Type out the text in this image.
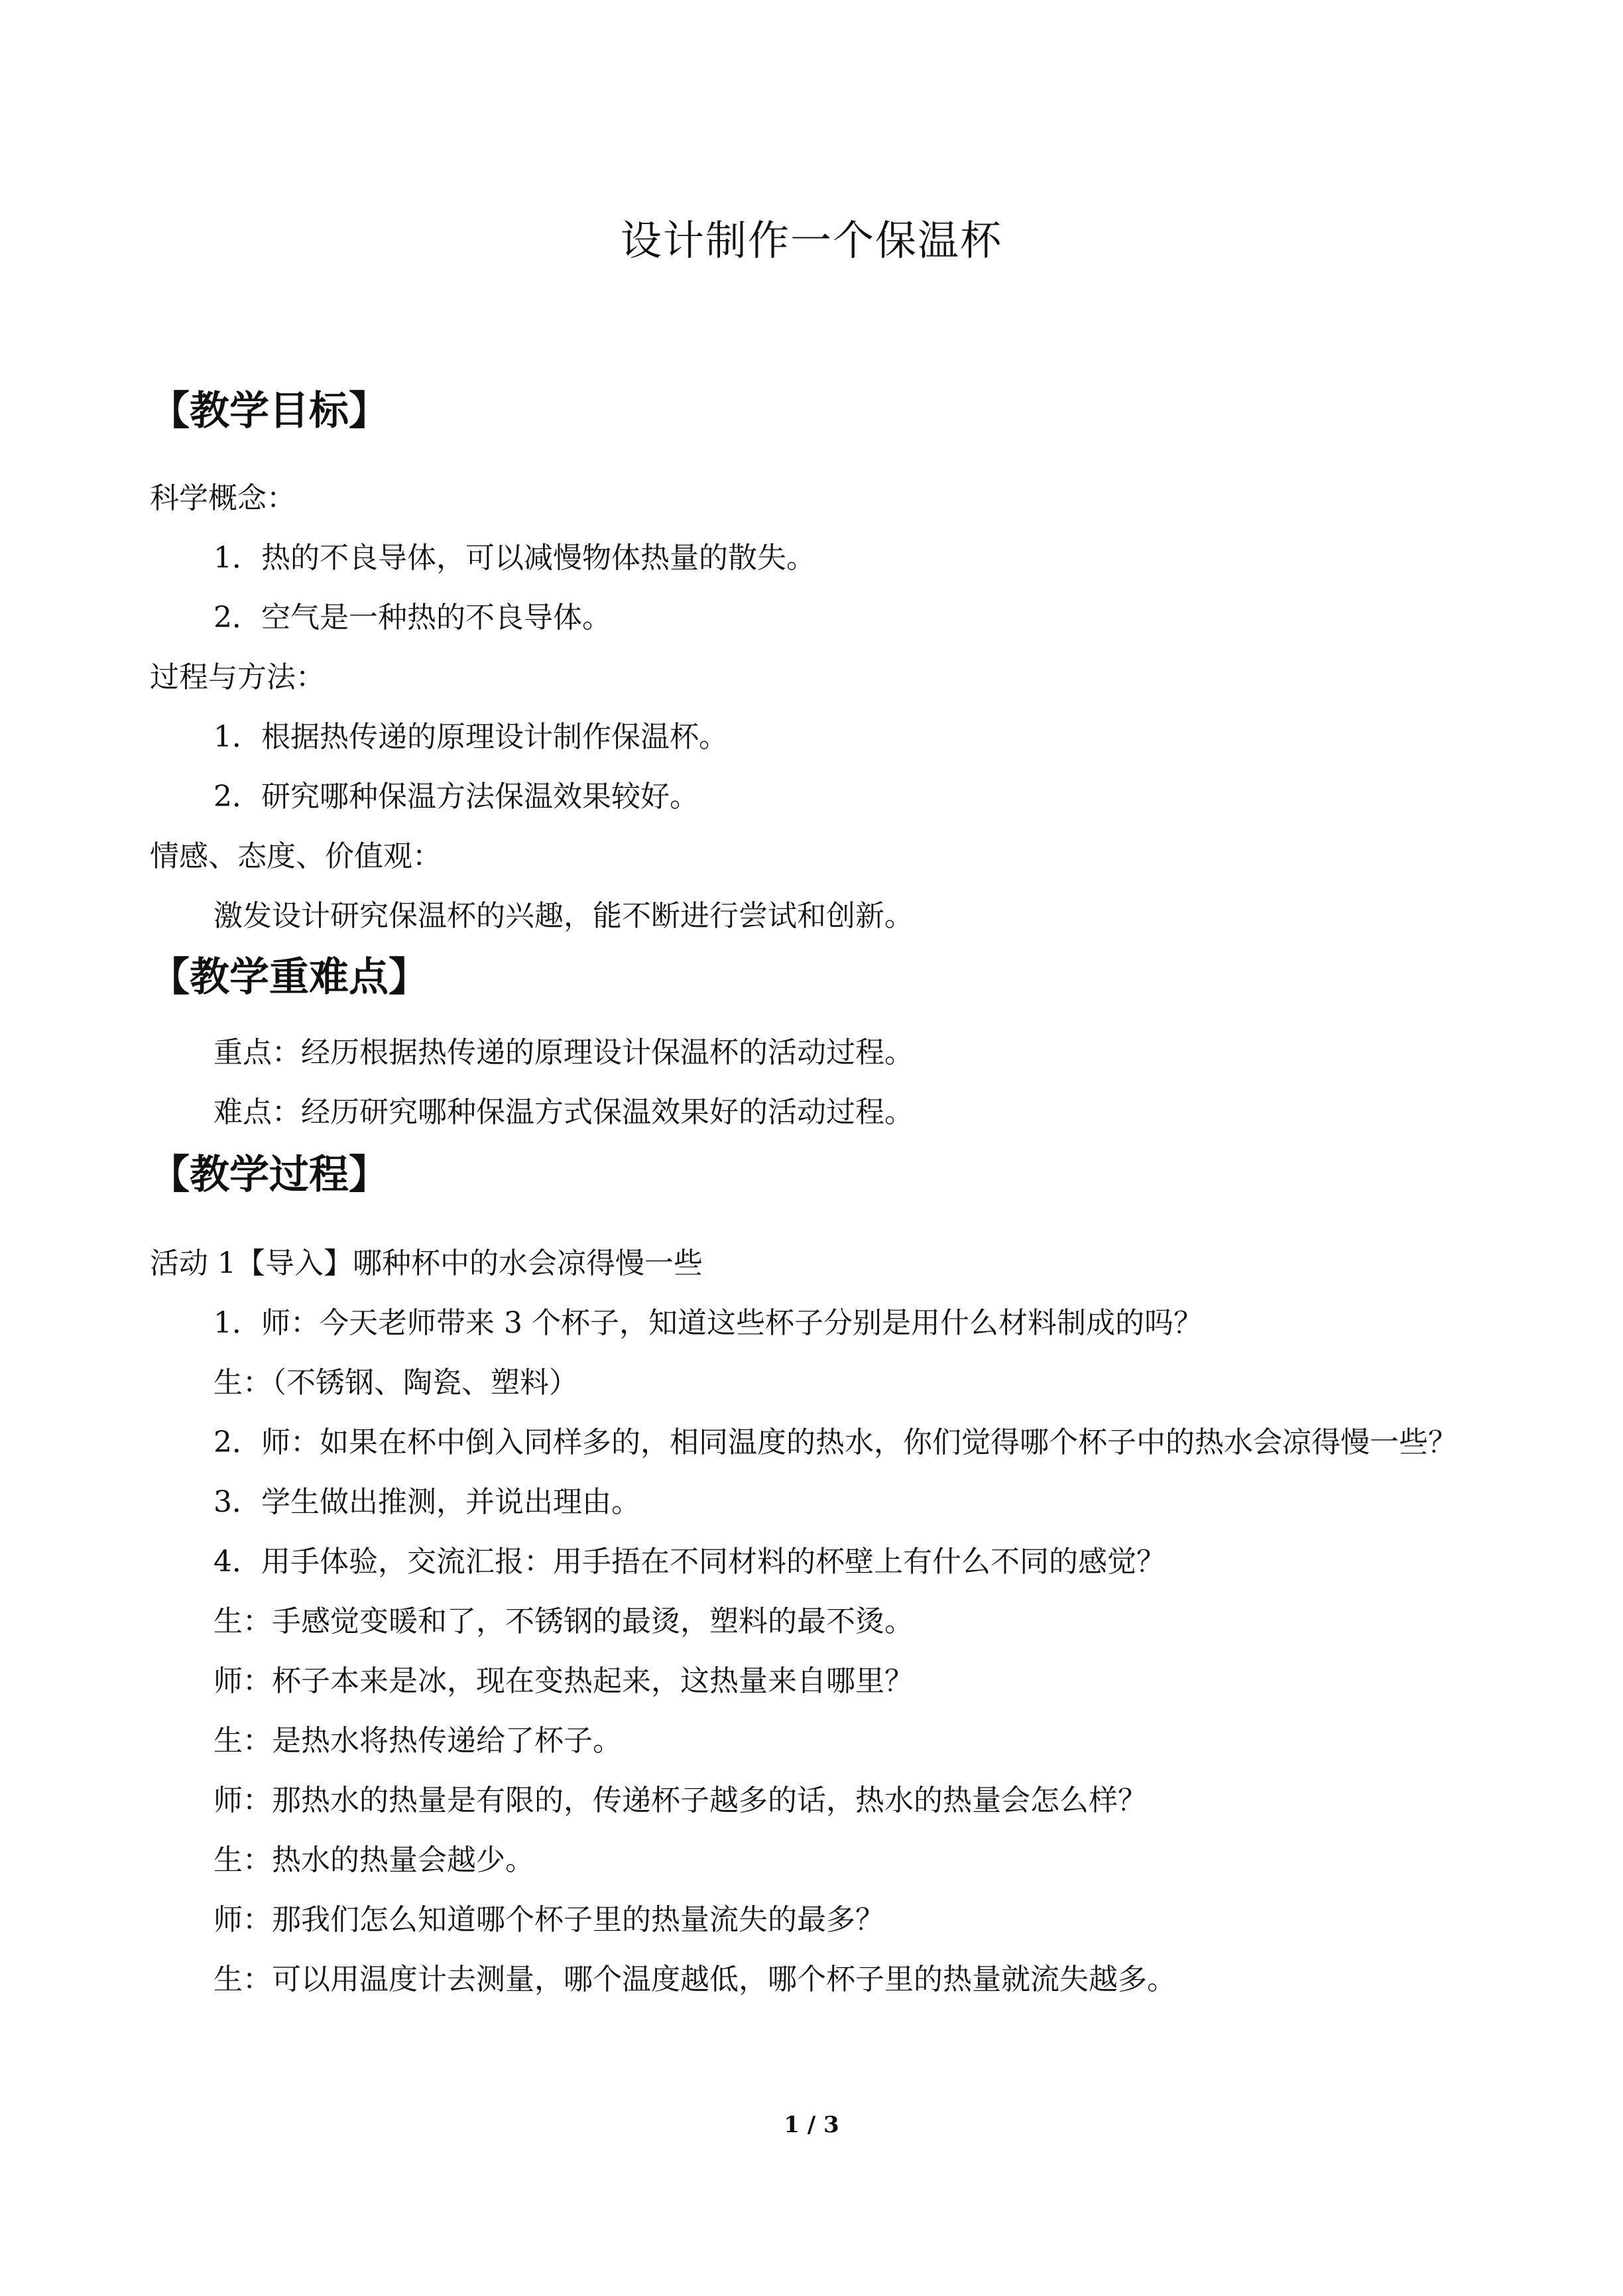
设计制作一个保温杯
【教学目标】

科学概念：

1．热的不良导体，可以减慢物体热量的散失。

2．空气是一种热的不良导体。

过程与方法：

1．根据热传递的原理设计制作保温杯。

2．研究哪种保温方法保温效果较好。

情感、态度、价值观：

激发设计研究保温杯的兴趣，能不断进行尝试和创新。

【教学重难点】

重点：经历根据热传递的原理设计保温杯的活动过程。

难点：经历研究哪种保温方式保温效果好的活动过程。

【教学过程】

活动 1【导入】哪种杯中的水会凉得慢一些

1．师：今天老师带来 3 个杯子，知道这些杯子分别是用什么材料制成的吗？

生：（不锈钢、陶瓷、塑料）

2．师：如果在杯中倒入同样多的，相同温度的热水，你们觉得哪个杯子中的热水会凉得慢一些？

3．学生做出推测，并说出理由。

4．用手体验，交流汇报：用手捂在不同材料的杯壁上有什么不同的感觉？

生：手感觉变暖和了，不锈钢的最烫，塑料的最不烫。

师：杯子本来是冰，现在变热起来，这热量来自哪里？

生：是热水将热传递给了杯子。

师：那热水的热量是有限的，传递杯子越多的话，热水的热量会怎么样？

生：热水的热量会越少。

师：那我们怎么知道哪个杯子里的热量流失的最多？

生：可以用温度计去测量，哪个温度越低，哪个杯子里的热量就流失越多。

1 / 3
